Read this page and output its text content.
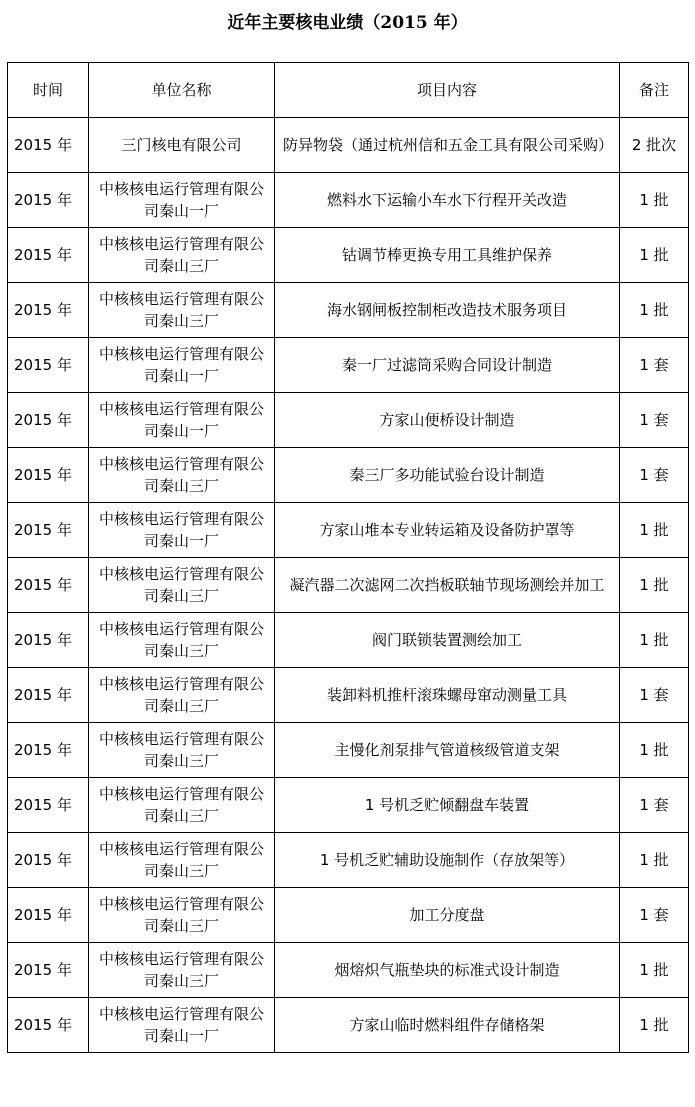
近年主要核电业绩（2015 年）
时间	单位名称	项目内容	备注
2015 年	三门核电有限公司	防异物袋（通过杭州信和五金工具有限公司采购）	2 批次
2015 年	中核核电运行管理有限公司秦山一厂	燃料水下运输小车水下行程开关改造	1 批
2015 年	中核核电运行管理有限公司秦山三厂	钴调节棒更换专用工具维护保养	1 批
2015 年	中核核电运行管理有限公司秦山三厂	海水钢闸板控制柜改造技术服务项目	1 批
2015 年	中核核电运行管理有限公司秦山一厂	秦一厂过滤筒采购合同设计制造	1 套
2015 年	中核核电运行管理有限公司秦山一厂	方家山便桥设计制造	1 套
2015 年	中核核电运行管理有限公司秦山三厂	秦三厂多功能试验台设计制造	1 套
2015 年	中核核电运行管理有限公司秦山一厂	方家山堆本专业转运箱及设备防护罩等	1 批
2015 年	中核核电运行管理有限公司秦山三厂	凝汽器二次滤网二次挡板联轴节现场测绘并加工	1 批
2015 年	中核核电运行管理有限公司秦山三厂	阀门联锁装置测绘加工	1 批
2015 年	中核核电运行管理有限公司秦山三厂	装卸料机推杆滚珠螺母窜动测量工具	1 套
2015 年	中核核电运行管理有限公司秦山三厂	主慢化剂泵排气管道核级管道支架	1 批
2015 年	中核核电运行管理有限公司秦山三厂	1 号机乏贮倾翻盘车装置	1 套
2015 年	中核核电运行管理有限公司秦山三厂	1 号机乏贮辅助设施制作（存放架等）	1 批
2015 年	中核核电运行管理有限公司秦山三厂	加工分度盘	1 套
2015 年	中核核电运行管理有限公司秦山三厂	烟熔炽气瓶垫块的标准式设计制造	1 批
2015 年	中核核电运行管理有限公司秦山一厂	方家山临时燃料组件存储格架	1 批
